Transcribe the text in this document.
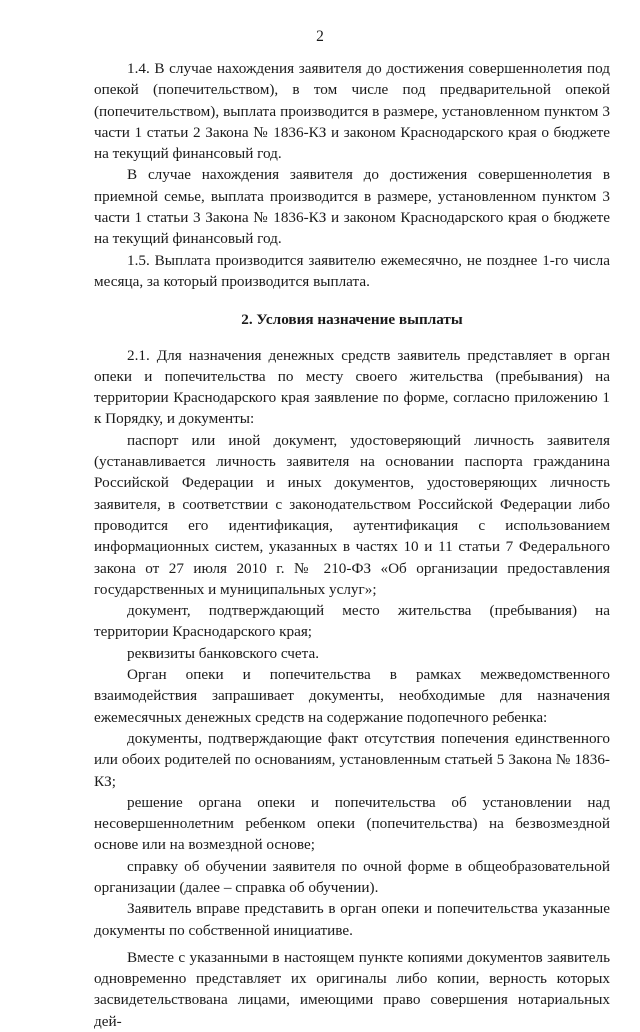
2

1.4. В случае нахождения заявителя до достижения совершеннолетия под опекой (попечительством), в том числе под предварительной опекой (попечительством), выплата производится в размере, установленном пунктом 3 части 1 статьи 2 Закона № 1836-КЗ и законом Краснодарского края о бюджете на текущий финансовый год.

В случае нахождения заявителя до достижения совершеннолетия в приемной семье, выплата производится в размере, установленном пунктом 3 части 1 статьи 3 Закона № 1836-КЗ и законом Краснодарского края о бюджете на текущий финансовый год.

1.5. Выплата производится заявителю ежемесячно, не позднее 1-го числа месяца, за который производится выплата.

2. Условия назначение выплаты

2.1. Для назначения денежных средств заявитель представляет в орган опеки и попечительства по месту своего жительства (пребывания) на территории Краснодарского края заявление по форме, согласно приложению 1 к Порядку, и документы:

паспорт или иной документ, удостоверяющий личность заявителя (устанавливается личность заявителя на основании паспорта гражданина Российской Федерации и иных документов, удостоверяющих личность заявителя, в соответствии с законодательством Российской Федерации либо проводится его идентификация, аутентификация с использованием информационных систем, указанных в частях 10 и 11 статьи 7 Федерального закона от 27 июля 2010 г. № 210-ФЗ «Об организации предоставления государственных и муниципальных услуг»;

документ, подтверждающий место жительства (пребывания) на территории Краснодарского края;

реквизиты банковского счета.

Орган опеки и попечительства в рамках межведомственного взаимодействия запрашивает документы, необходимые для назначения ежемесячных денежных средств на содержание подопечного ребенка:

документы, подтверждающие факт отсутствия попечения единственного или обоих родителей по основаниям, установленным статьей 5 Закона № 1836-КЗ;

решение органа опеки и попечительства об установлении над несовершеннолетним ребенком опеки (попечительства) на безвозмездной основе или на возмездной основе;

справку об обучении заявителя по очной форме в общеобразовательной организации (далее – справка об обучении).

Заявитель вправе представить в орган опеки и попечительства указанные документы по собственной инициативе.

Вместе с указанными в настоящем пункте копиями документов заявитель одновременно представляет их оригиналы либо копии, верность которых засвидетельствована лицами, имеющими право совершения нотариальных дей-
